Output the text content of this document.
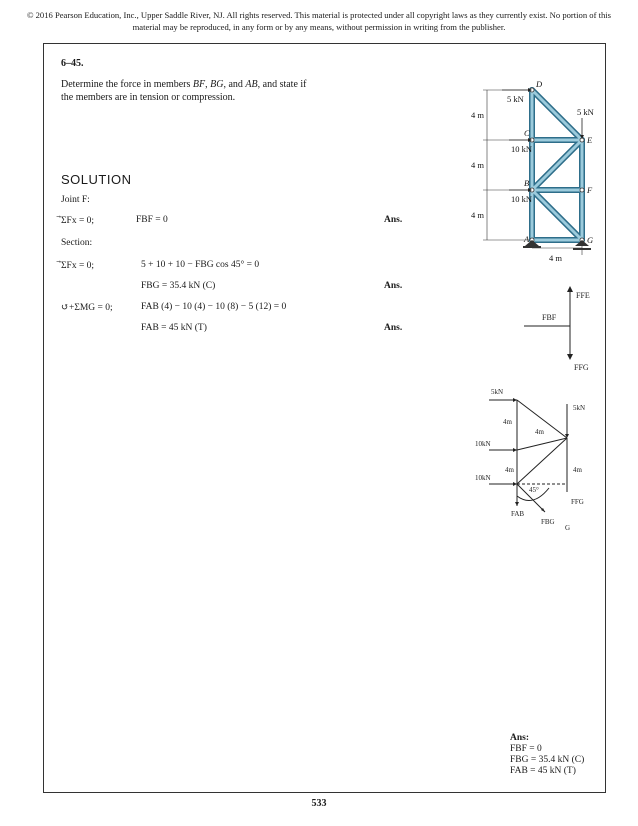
© 2016 Pearson Education, Inc., Upper Saddle River, NJ. All rights reserved. This material is protected under all copyright laws as they currently exist. No portion of this material may be reproduced, in any form or by any means, without permission in writing from the publisher.
6–45.
Determine the force in members BF, BG, and AB, and state if the members are in tension or compression.
SOLUTION
Joint F:
⃗ΣFx = 0;	FBF = 0	Ans.
Section:
⃗ΣFx = 0;	5 + 10 + 10 − FBG cos 45° = 0
FBG = 35.4 kN (C)	Ans.
↺+ΣMG = 0;	FAB (4) − 10 (4) − 10 (8) − 5 (12) = 0
FAB = 45 kN (T)	Ans.
D
C
E
B
F
A	G
5 kN
5 kN
10 kN
10 kN
4 m
4 m
4 m
4 m
FFE
FBF
FFG
5kN
5kN
4m
4m
4m	4m
10kN
10kN
45°
FAB
FBG
FFG
G
Ans:
FBF = 0
FBG = 35.4 kN (C)
FAB = 45 kN (T)
533
